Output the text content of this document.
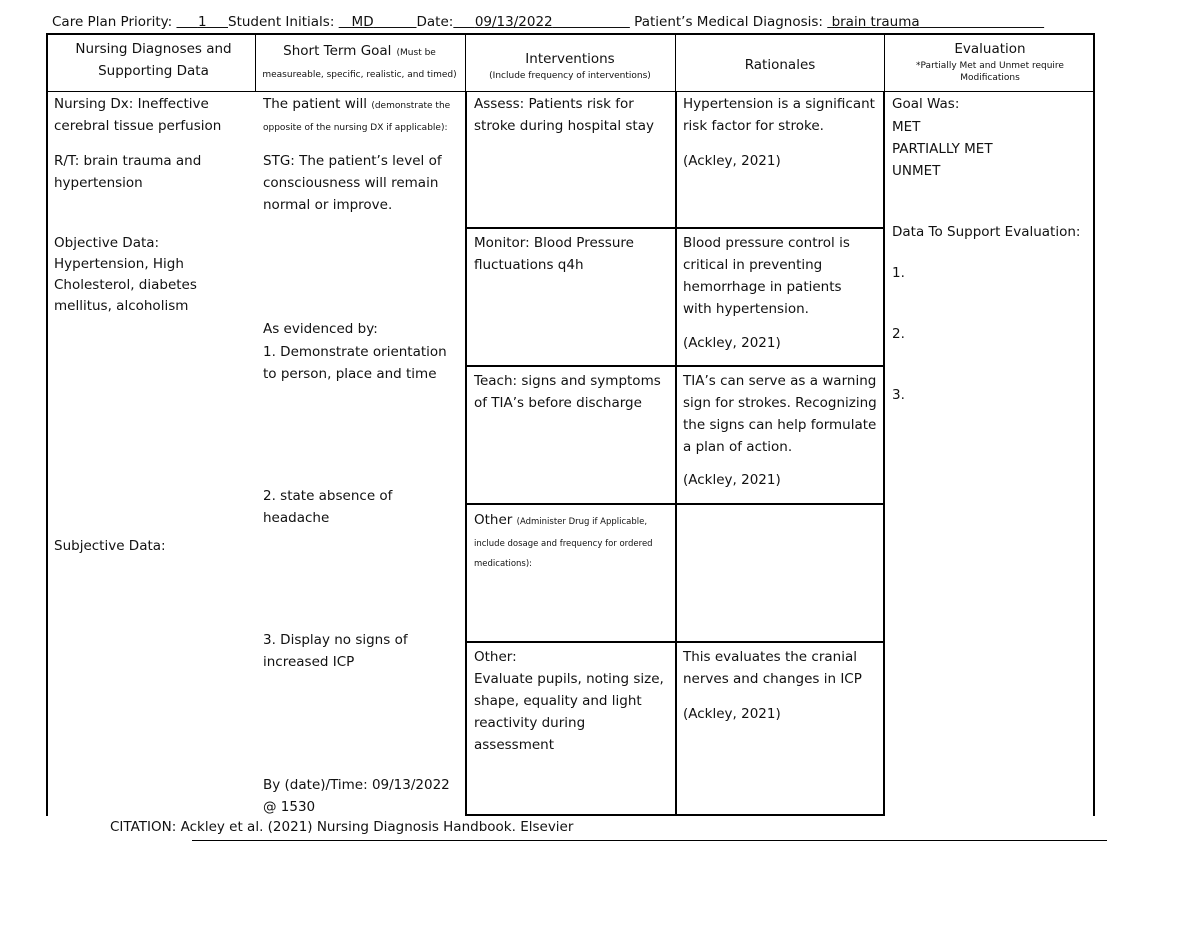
Care Plan Priority:      1 Student Initials:    MD	Date: 09/13/2022	Patient’s Medical Diagnosis:  brain trauma
Nursing Diagnoses and Supporting Data
Short Term Goal (Must be measureable, specific, realistic, and timed)
Interventions
(Include frequency of interventions)
Rationales
Evaluation
*Partially Met and Unmet require Modifications
Nursing Dx: Ineffective cerebral tissue perfusion
R/T: brain trauma and hypertension
Objective Data:
Hypertension, High Cholesterol, diabetes mellitus, alcoholism
Subjective Data:
The patient will (demonstrate the opposite of the nursing DX if applicable):
STG: The patient’s level of consciousness will remain normal or improve.
As evidenced by:
1. Demonstrate orientation to person, place and time
2. state absence of headache
3. Display no signs of increased ICP
By (date)/Time: 09/13/2022 @ 1530
Assess: Patients risk for stroke during hospital stay
Hypertension is a significant risk factor for stroke.
(Ackley, 2021)
Monitor: Blood Pressure fluctuations q4h
Blood pressure control is critical in preventing hemorrhage in patients with hypertension.
(Ackley, 2021)
Teach: signs and symptoms of TIA’s before discharge
TIA’s can serve as a warning sign for strokes. Recognizing the signs can help formulate a plan of action.
(Ackley, 2021)
Other (Administer Drug if Applicable, include dosage and frequency for ordered medications):
Other:
Evaluate pupils, noting size, shape, equality and light reactivity during assessment
This evaluates the cranial nerves and changes in ICP
(Ackley, 2021)
Goal Was:
MET
PARTIALLY MET
UNMET
Data To Support Evaluation:
1.
2.
3.
CITATION: Ackley et al. (2021) Nursing Diagnosis Handbook. Elsevier
